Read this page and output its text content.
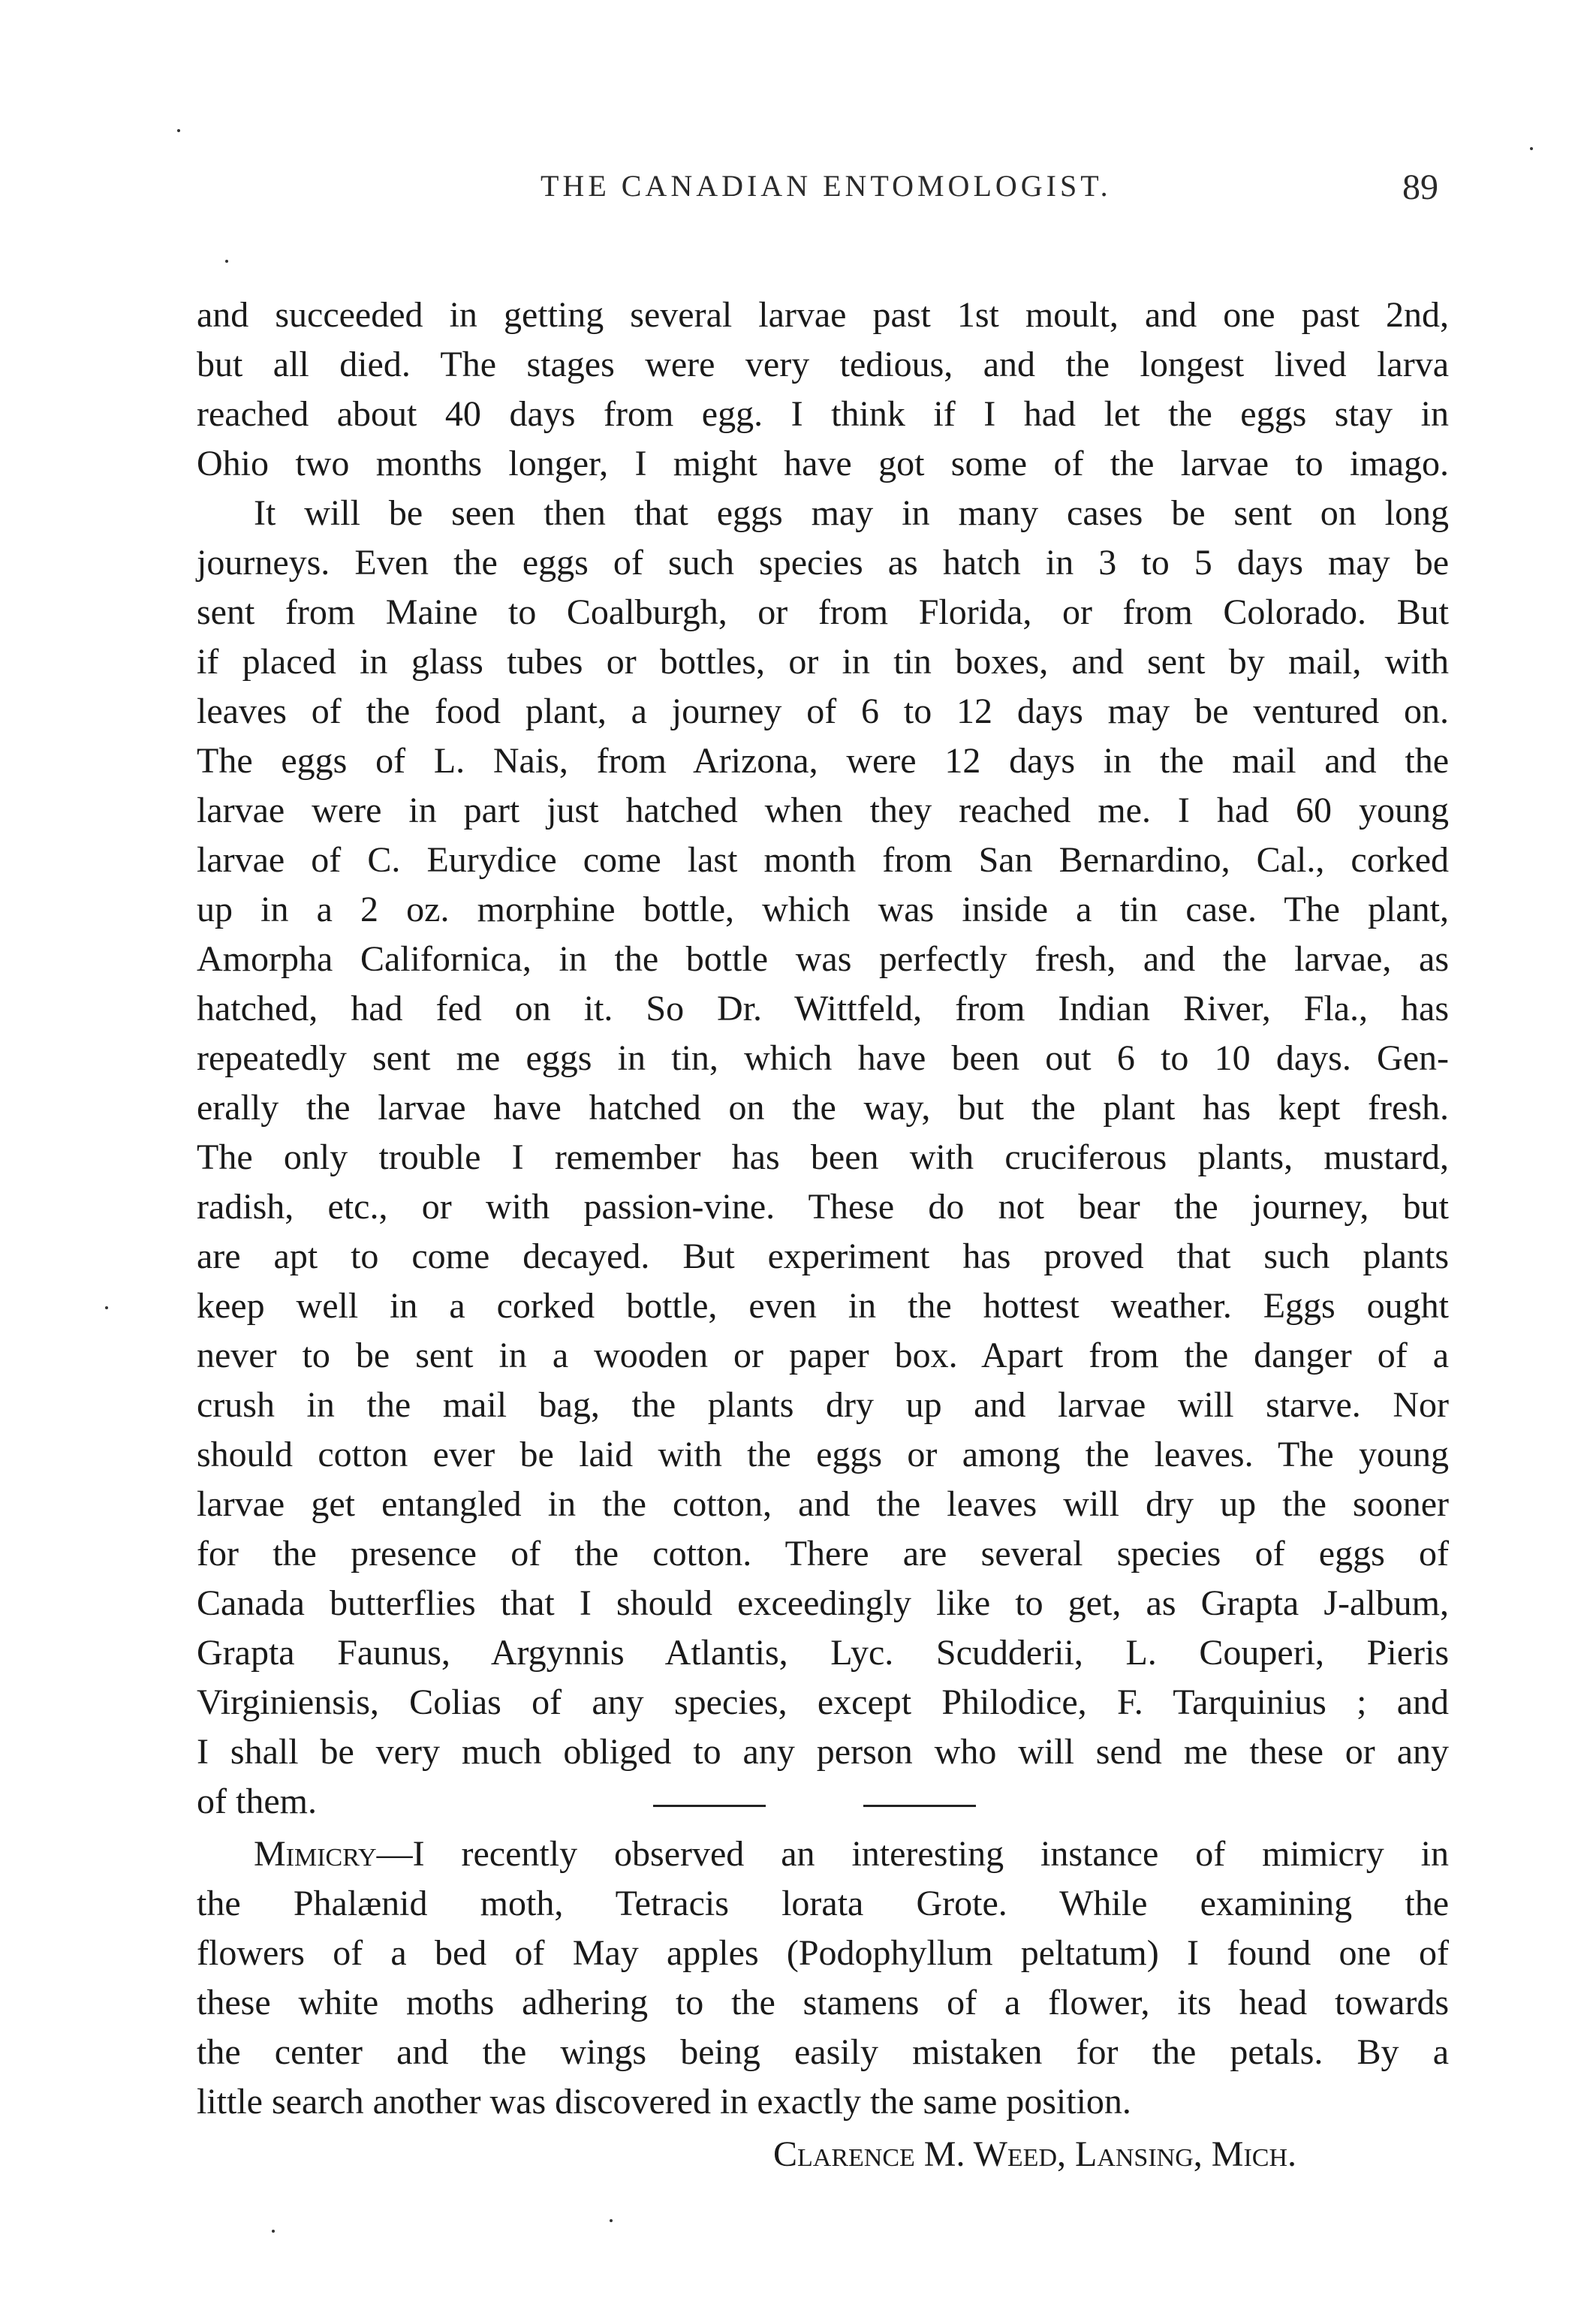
THE CANADIAN ENTOMOLOGIST.	89
and succeeded in getting several larvae past 1st moult, and one past 2nd,
but all died. The stages were very tedious, and the longest lived larva
reached about 40 days from egg. I think if I had let the eggs stay in
Ohio two months longer, I might have got some of the larvae to imago.
It will be seen then that eggs may in many cases be sent on long
journeys. Even the eggs of such species as hatch in 3 to 5 days may be
sent from Maine to Coalburgh, or from Florida, or from Colorado. But
if placed in glass tubes or bottles, or in tin boxes, and sent by mail, with
leaves of the food plant, a journey of 6 to 12 days may be ventured on.
The eggs of L. Nais, from Arizona, were 12 days in the mail and the
larvae were in part just hatched when they reached me. I had 60 young
larvae of C. Eurydice come last month from San Bernardino, Cal., corked
up in a 2 oz. morphine bottle, which was inside a tin case. The plant,
Amorpha Californica, in the bottle was perfectly fresh, and the larvae, as
hatched, had fed on it. So Dr. Wittfeld, from Indian River, Fla., has
repeatedly sent me eggs in tin, which have been out 6 to 10 days. Gen-
erally the larvae have hatched on the way, but the plant has kept fresh.
The only trouble I remember has been with cruciferous plants, mustard,
radish, etc., or with passion-vine. These do not bear the journey, but
are apt to come decayed. But experiment has proved that such plants
keep well in a corked bottle, even in the hottest weather. Eggs ought
never to be sent in a wooden or paper box. Apart from the danger of a
crush in the mail bag, the plants dry up and larvae will starve. Nor
should cotton ever be laid with the eggs or among the leaves. The young
larvae get entangled in the cotton, and the leaves will dry up the sooner
for the presence of the cotton. There are several species of eggs of
Canada butterflies that I should exceedingly like to get, as Grapta J-album,
Grapta Faunus, Argynnis Atlantis, Lyc. Scudderii, L. Couperi, Pieris
Virginiensis, Colias of any species, except Philodice, F. Tarquinius ; and
I shall be very much obliged to any person who will send me these or any
of them.
Mimicry—I recently observed an interesting instance of mimicry in
the Phalænid moth, Tetracis lorata Grote. While examining the
flowers of a bed of May apples (Podophyllum peltatum) I found one of
these white moths adhering to the stamens of a flower, its head towards
the center and the wings being easily mistaken for the petals. By a
little search another was discovered in exactly the same position.
Clarence M. Weed, Lansing, Mich.
